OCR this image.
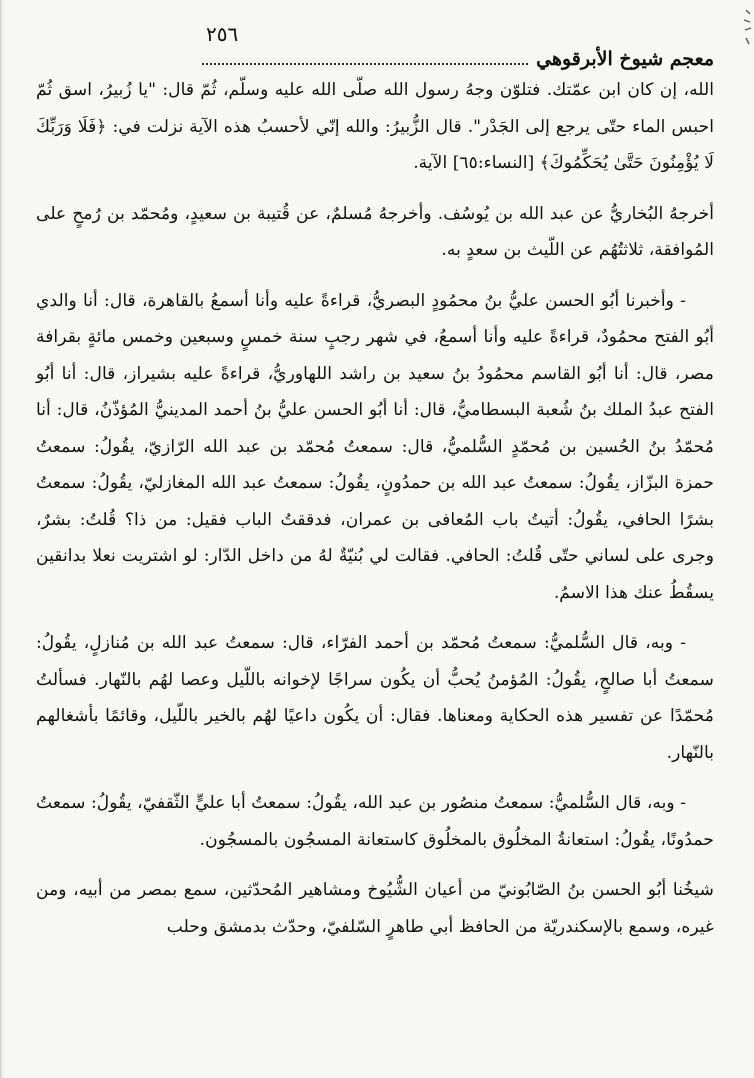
٢٥٦
معجم شيوخ الأبرقوهي

الله، إن كان ابن عمّتك. فتلوّن وجهُ رسول الله صلّى الله عليه وسلّم، ثُمّ قال: "يا زُبيرُ، اسق ثُمّ احبس الماء حتّى يرجع إلى الجَدْر". قال الزُّبيرُ: والله إنّي لأحسبُ هذه الآية نزلت في: ﴿فَلَا وَرَبِّكَ لَا يُؤْمِنُونَ حَتَّىٰ يُحَكِّمُوكَ﴾ [النساء:٦٥] الآية.

أخرجهُ البُخاريُّ عن عبد الله بن يُوسُف. وأخرجهُ مُسلمٌ، عن قُتيبة بن سعيدٍ، ومُحمّد بن رُمحٍ على المُوافقة، ثلاثتُهُم عن اللّيث بن سعدٍ به.

- وأخبرنا أبُو الحسن عليُّ بنُ محمُودٍ البصريُّ، قراءةً عليه وأنا أسمعُ بالقاهرة، قال: أنا والدي أبُو الفتح محمُودٌ، قراءةً عليه وأنا أسمعُ، في شهر رجبٍ سنة خمسٍ وسبعين وخمس مائةٍ بقرافة مصر، قال: أنا أبُو القاسم محمُودُ بنُ سعيد بن راشد اللهاوريُّ، قراءةً عليه بشيراز، قال: أنا أبُو الفتح عبدُ الملك بنُ شُعبة البسطاميُّ، قال: أنا أبُو الحسن عليُّ بنُ أحمد المدينيُّ المُؤذّنُ، قال: أنا مُحمّدُ بنُ الحُسين بن مُحمّدٍ السُّلميُّ، قال: سمعتُ مُحمّد بن عبد الله الرّازيّ، يقُولُ: سمعتُ حمزة البزّاز، يقُولُ: سمعتُ عبد الله بن حمدُونٍ، يقُولُ: سمعتُ عبد الله المغازليّ، يقُولُ: سمعتُ بشرًا الحافي، يقُولُ: أتيتُ باب المُعافى بن عمران، فدققتُ الباب فقيل: من ذا؟ قُلتُ: بشرٌ، وجرى على لساني حتّى قُلتُ: الحافي. فقالت لي بُنيّةٌ لهُ من داخل الدّار: لو اشتريت نعلا بدانقين يسقُطُ عنك هذا الاسمُ.

- وبه، قال السُّلميُّ: سمعتُ مُحمّد بن أحمد الفرّاء، قال: سمعتُ عبد الله بن مُنازلٍ، يقُولُ: سمعتُ أبا صالحٍ، يقُولُ: المُؤمنُ يُحبُّ أن يكُون سراجًا لإخوانه باللّيل وعصا لهُم بالنّهار. فسألتُ مُحمّدًا عن تفسير هذه الحكاية ومعناها. فقال: أن يكُون داعيًا لهُم بالخير باللّيل، وقائمًا بأشغالهم بالنّهار.

- وبه، قال السُّلميُّ: سمعتُ منصُور بن عبد الله، يقُولُ: سمعتُ أبا عليٍّ الثّقفيّ، يقُولُ: سمعتُ حمدُونًا، يقُولُ: استعانةُ المخلُوق بالمخلُوق كاستعانة المسجُون بالمسجُون.

شيخُنا أبُو الحسن بنُ الصّابُونيّ من أعيان الشُّيُوخ ومشاهير المُحدّثين، سمع بمصر من أبيه، ومن غيره، وسمع بالإسكندريّة من الحافظ أبي طاهرٍ السّلفيّ، وحدّث بدمشق وحلب
